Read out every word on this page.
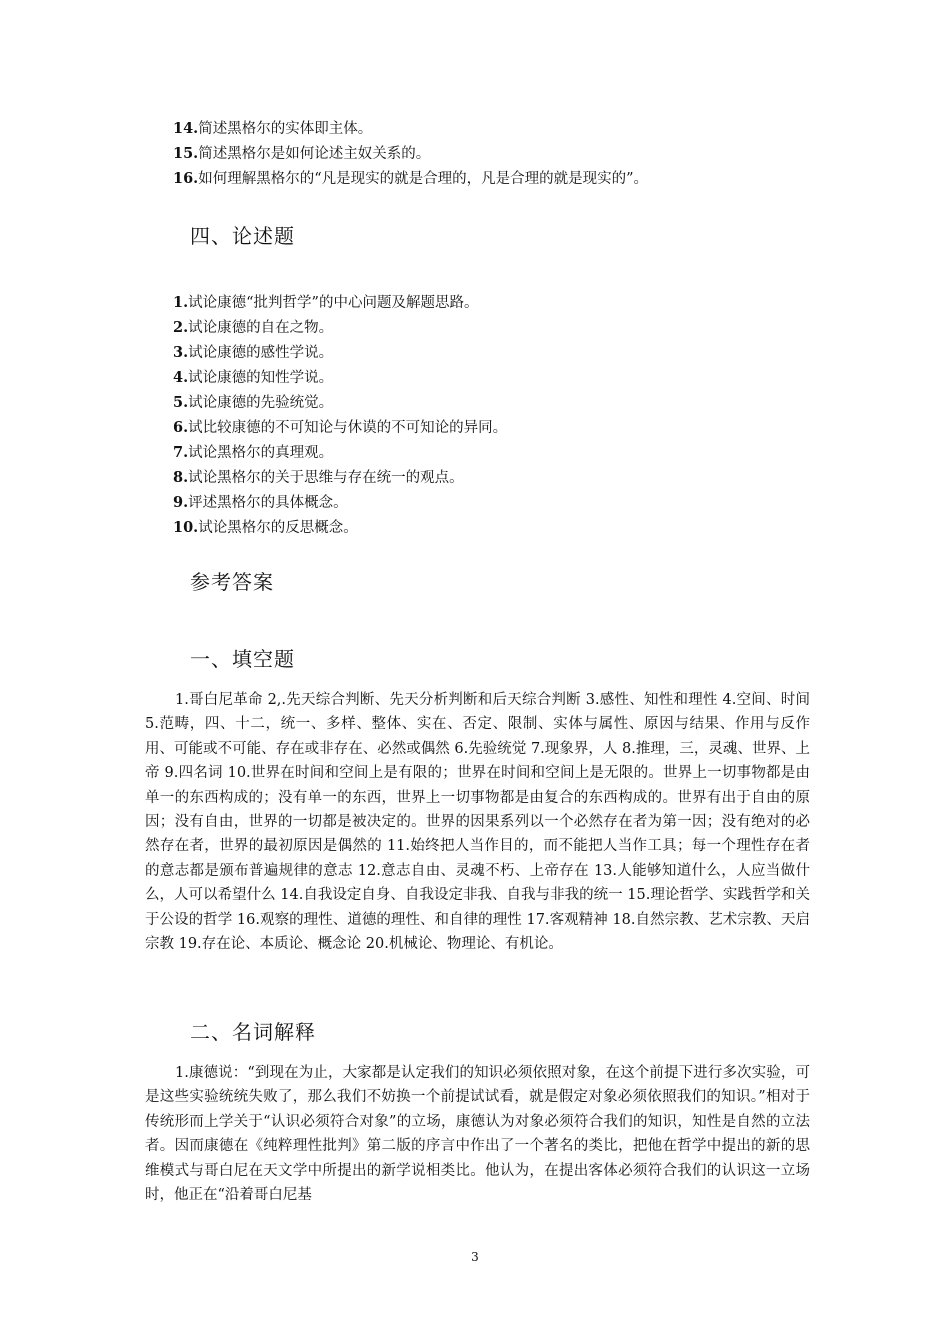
14.简述黑格尔的实体即主体。
15.简述黑格尔是如何论述主奴关系的。
16.如何理解黑格尔的“凡是现实的就是合理的，凡是合理的就是现实的”。
四、论述题
1.试论康德“批判哲学”的中心问题及解题思路。
2.试论康德的自在之物。
3.试论康德的感性学说。
4.试论康德的知性学说。
5.试论康德的先验统觉。
6.试比较康德的不可知论与休谟的不可知论的异同。
7.试论黑格尔的真理观。
8.试论黑格尔的关于思维与存在统一的观点。
9.评述黑格尔的具体概念。
10.试论黑格尔的反思概念。
参考答案
一、填空题

1.哥白尼革命 2,.先天综合判断、先天分析判断和后天综合判断 3.感性、知性和理性 4.空间、时间 5.范畴，四、十二，统一、多样、整体、实在、否定、限制、实体与属性、原因与结果、作用与反作用、可能或不可能、存在或非存在、必然或偶然 6.先验统觉 7.现象界，人 8.推理，三，灵魂、世界、上帝 9.四名词 10.世界在时间和空间上是有限的；世界在时间和空间上是无限的。世界上一切事物都是由单一的东西构成的；没有单一的东西，世界上一切事物都是由复合的东西构成的。世界有出于自由的原因；没有自由，世界的一切都是被决定的。世界的因果系列以一个必然存在者为第一因；没有绝对的必然存在者，世界的最初原因是偶然的 11.始终把人当作目的，而不能把人当作工具；每一个理性存在者的意志都是颁布普遍规律的意志 12.意志自由、灵魂不朽、上帝存在 13.人能够知道什么，人应当做什么，人可以希望什么 14.自我设定自身、自我设定非我、自我与非我的统一 15.理论哲学、实践哲学和关于公设的哲学 16.观察的理性、道德的理性、和自律的理性 17.客观精神 18.自然宗教、艺术宗教、天启宗教 19.存在论、本质论、概念论 20.机械论、物理论、有机论。

二、名词解释

1.康德说：“到现在为止，大家都是认定我们的知识必须依照对象，在这个前提下进行多次实验，可是这些实验统统失败了，那么我们不妨换一个前提试试看，就是假定对象必须依照我们的知识。”相对于传统形而上学关于“认识必须符合对象”的立场，康德认为对象必须符合我们的知识，知性是自然的立法者。因而康德在《纯粹理性批判》第二版的序言中作出了一个著名的类比，把他在哲学中提出的新的思维模式与哥白尼在天文学中所提出的新学说相类比。他认为，在提出客体必须符合我们的认识这一立场时，他正在“沿着哥白尼基

3
